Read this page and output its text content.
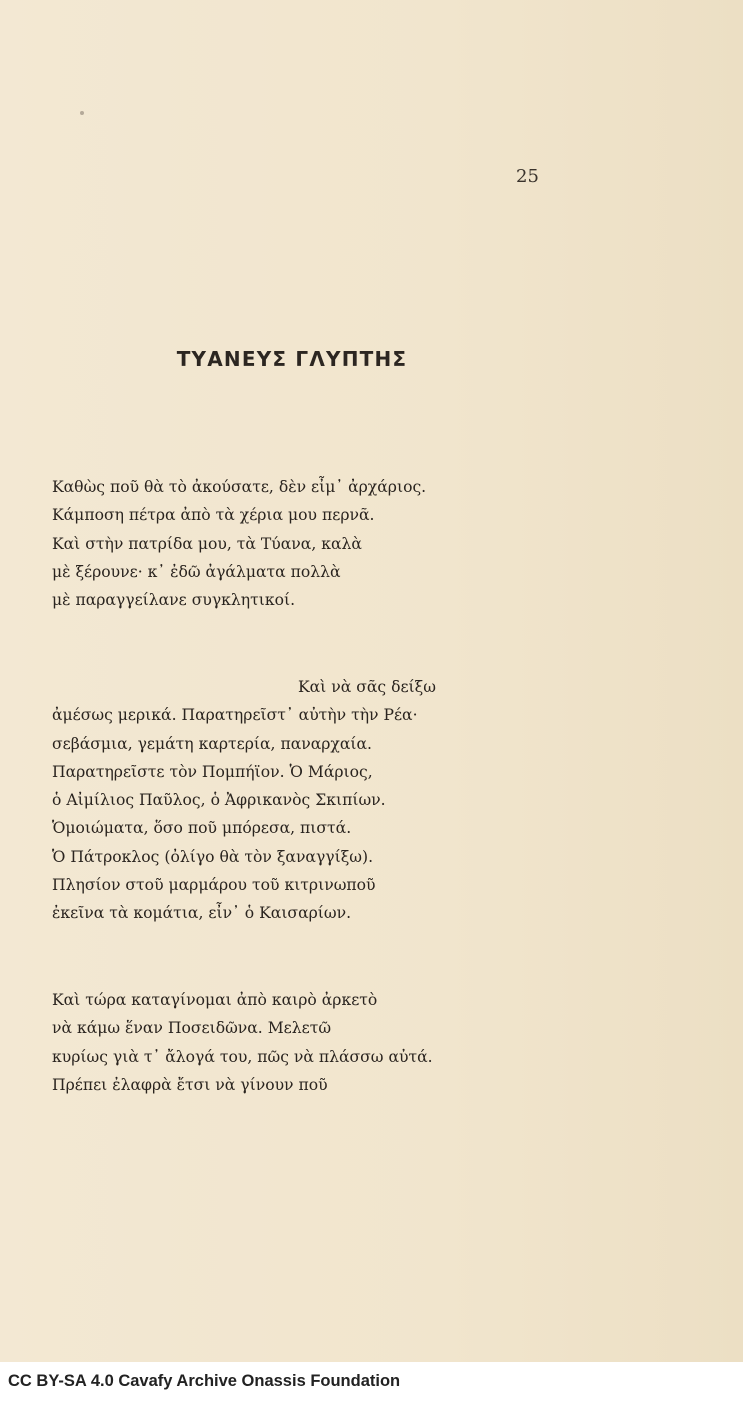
25
ΤΥΑΝΕΥΣ ΓΛΥΠΤΗΣ
Καθὼς ποῦ θὰ τὸ ἀκούσατε, δὲν εἶμ᾽ ἀρχάριος.
Κάμποση πέτρα ἀπὸ τὰ χέρια μου περνᾶ.
Καὶ στὴν πατρίδα μου, τὰ Τύανα, καλὰ
μὲ ξέρουνε· κ᾽ ἐδῶ ἀγάλματα πολλὰ
μὲ παραγγείλανε συγκλητικοί.
Καὶ νὰ σᾶς δείξω
ἀμέσως μερικά. Παρατηρεῖστ᾽ αὐτὴν τὴν Ρέα·
σεβάσμια, γεμάτη καρτερία, παναρχαία.
Παρατηρεῖστε τὸν Πομπήϊον. Ὁ Μάριος,
ὁ Αἰμίλιος Παῦλος, ὁ Ἀφρικανὸς Σκιπίων.
Ὁμοιώματα, ὅσο ποῦ μπόρεσα, πιστά.
Ὁ Πάτροκλος (ὀλίγο θὰ τὸν ξαναγγίξω).
Πλησίον στοῦ μαρμάρου τοῦ κιτρινωποῦ
ἐκεῖνα τὰ κομάτια, εἶν᾽ ὁ Καισαρίων.
Καὶ τώρα καταγίνομαι ἀπὸ καιρὸ ἀρκετὸ
νὰ κάμω ἕναν Ποσειδῶνα. Μελετῶ
κυρίως γιὰ τ᾽ ἄλογά του, πῶς νὰ πλάσσω αὐτά.
Πρέπει ἐλαφρὰ ἔτσι νὰ γίνουν ποῦ
CC BY-SA 4.0 Cavafy Archive Onassis Foundation
